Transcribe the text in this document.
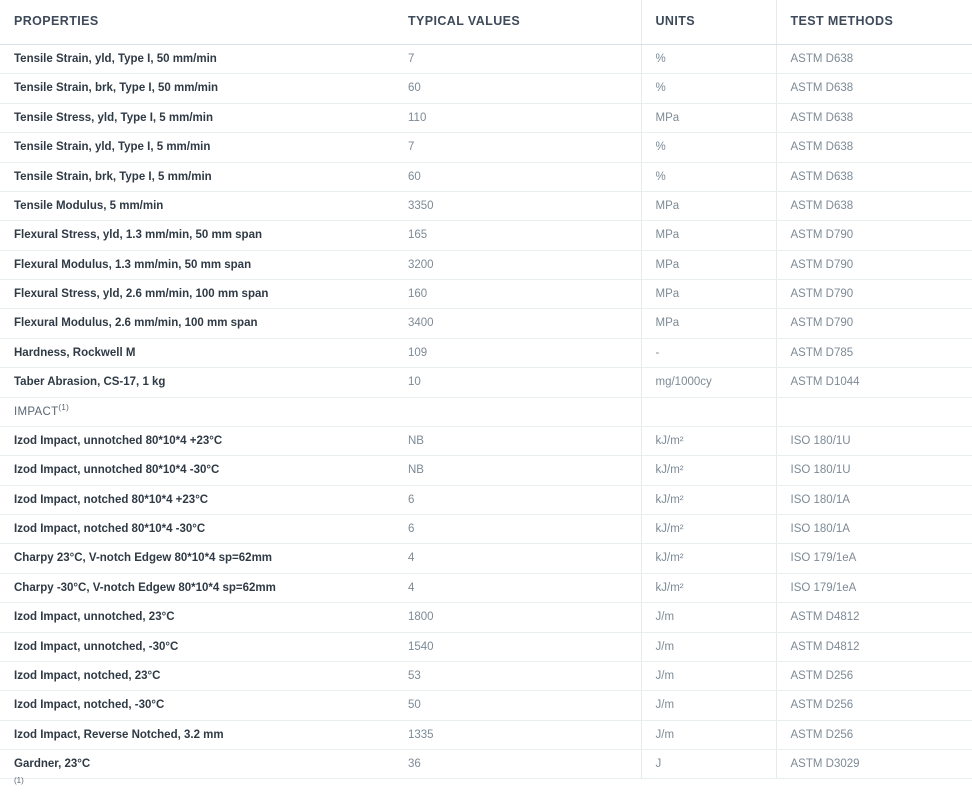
PROPERTIES	TYPICAL VALUES	UNITS	TEST METHODS
Tensile Strain, yld, Type I, 50 mm/min	7	%	ASTM D638
Tensile Strain, brk, Type I, 50 mm/min	60	%	ASTM D638
Tensile Stress, yld, Type I, 5 mm/min	110	MPa	ASTM D638
Tensile Strain, yld, Type I, 5 mm/min	7	%	ASTM D638
Tensile Strain, brk, Type I, 5 mm/min	60	%	ASTM D638
Tensile Modulus, 5 mm/min	3350	MPa	ASTM D638
Flexural Stress, yld, 1.3 mm/min, 50 mm span	165	MPa	ASTM D790
Flexural Modulus, 1.3 mm/min, 50 mm span	3200	MPa	ASTM D790
Flexural Stress, yld, 2.6 mm/min, 100 mm span	160	MPa	ASTM D790
Flexural Modulus, 2.6 mm/min, 100 mm span	3400	MPa	ASTM D790
Hardness, Rockwell M	109	-	ASTM D785
Taber Abrasion, CS-17, 1 kg	10	mg/1000cy	ASTM D1044
IMPACT$^{(1)}$			
Izod Impact, unnotched 80*10*4 +23°C	NB	kJ/m²	ISO 180/1U
Izod Impact, unnotched 80*10*4 -30°C	NB	kJ/m²	ISO 180/1U
Izod Impact, notched 80*10*4 +23°C	6	kJ/m²	ISO 180/1A
Izod Impact, notched 80*10*4 -30°C	6	kJ/m²	ISO 180/1A
Charpy 23°C, V-notch Edgew 80*10*4 sp=62mm	4	kJ/m²	ISO 179/1eA
Charpy -30°C, V-notch Edgew 80*10*4 sp=62mm	4	kJ/m²	ISO 179/1eA
Izod Impact, unnotched, 23°C	1800	J/m	ASTM D4812
Izod Impact, unnotched, -30°C	1540	J/m	ASTM D4812
Izod Impact, notched, 23°C	53	J/m	ASTM D256
Izod Impact, notched, -30°C	50	J/m	ASTM D256
Izod Impact, Reverse Notched, 3.2 mm	1335	J/m	ASTM D256
Gardner, 23°C	36	J	ASTM D3029
$^{(1)}$
